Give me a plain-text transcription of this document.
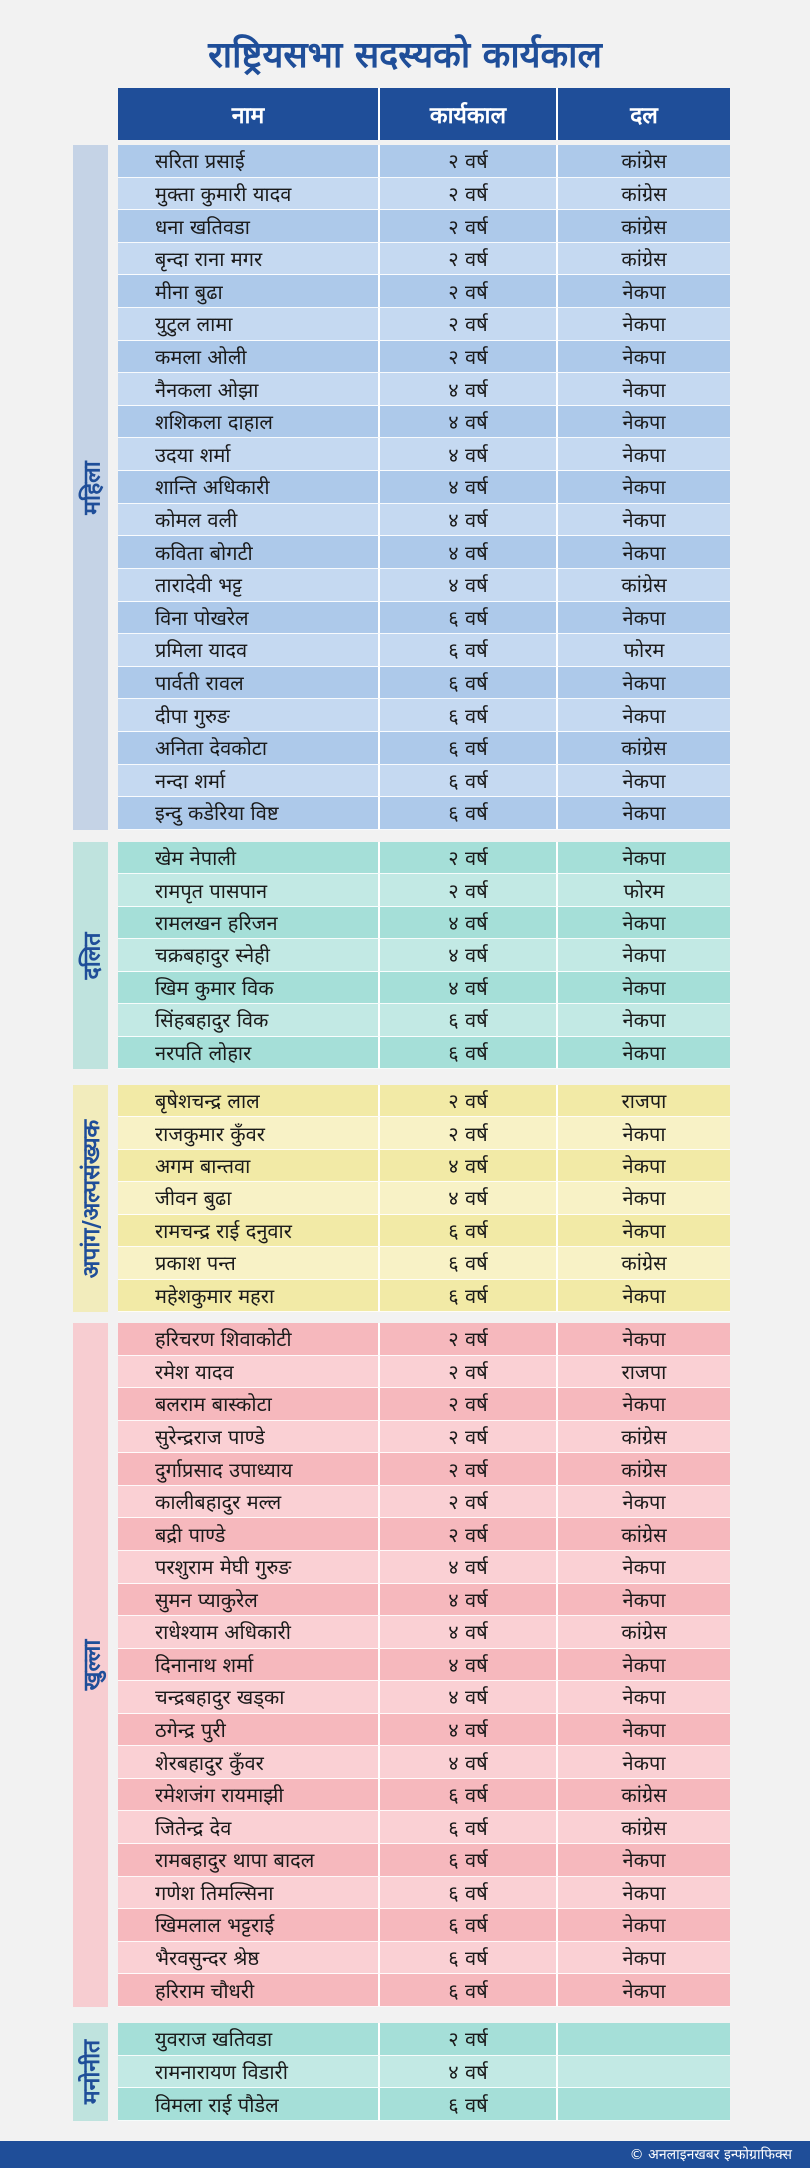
राष्ट्रियसभा सदस्यको कार्यकाल
नाम	कार्यकाल	दल
महिला
सरिता प्रसाई	२ वर्ष	कांग्रेस
मुक्ता कुमारी यादव	२ वर्ष	कांग्रेस
धना खतिवडा	२ वर्ष	कांग्रेस
बृन्दा राना मगर	२ वर्ष	कांग्रेस
मीना बुढा	२ वर्ष	नेकपा
युटुल लामा	२ वर्ष	नेकपा
कमला ओली	२ वर्ष	नेकपा
नैनकला ओझा	४ वर्ष	नेकपा
शशिकला दाहाल	४ वर्ष	नेकपा
उदया शर्मा	४ वर्ष	नेकपा
शान्ति अधिकारी	४ वर्ष	नेकपा
कोमल वली	४ वर्ष	नेकपा
कविता बोगटी	४ वर्ष	नेकपा
तारादेवी भट्ट	४ वर्ष	कांग्रेस
विना पोखरेल	६ वर्ष	नेकपा
प्रमिला यादव	६ वर्ष	फोरम
पार्वती रावल	६ वर्ष	नेकपा
दीपा गुरुङ	६ वर्ष	नेकपा
अनिता देवकोटा	६ वर्ष	कांग्रेस
नन्दा शर्मा	६ वर्ष	नेकपा
इन्दु कडेरिया विष्ट	६ वर्ष	नेकपा
दलित
खेम नेपाली	२ वर्ष	नेकपा
रामपृत पासपान	२ वर्ष	फोरम
रामलखन हरिजन	४ वर्ष	नेकपा
चक्रबहादुर स्नेही	४ वर्ष	नेकपा
खिम कुमार विक	४ वर्ष	नेकपा
सिंहबहादुर विक	६ वर्ष	नेकपा
नरपति लोहार	६ वर्ष	नेकपा
अपांग/अल्पसंख्यक
बृषेशचन्द्र लाल	२ वर्ष	राजपा
राजकुमार कुँवर	२ वर्ष	नेकपा
अगम बान्तवा	४ वर्ष	नेकपा
जीवन बुढा	४ वर्ष	नेकपा
रामचन्द्र राई दनुवार	६ वर्ष	नेकपा
प्रकाश पन्त	६ वर्ष	कांग्रेस
महेशकुमार महरा	६ वर्ष	नेकपा
खुल्ला
हरिचरण शिवाकोटी	२ वर्ष	नेकपा
रमेश यादव	२ वर्ष	राजपा
बलराम बास्कोटा	२ वर्ष	नेकपा
सुरेन्द्रराज पाण्डे	२ वर्ष	कांग्रेस
दुर्गाप्रसाद उपाध्याय	२ वर्ष	कांग्रेस
कालीबहादुर मल्ल	२ वर्ष	नेकपा
बद्री पाण्डे	२ वर्ष	कांग्रेस
परशुराम मेघी गुरुङ	४ वर्ष	नेकपा
सुमन प्याकुरेल	४ वर्ष	नेकपा
राधेश्याम अधिकारी	४ वर्ष	कांग्रेस
दिनानाथ शर्मा	४ वर्ष	नेकपा
चन्द्रबहादुर खड्का	४ वर्ष	नेकपा
ठगेन्द्र पुरी	४ वर्ष	नेकपा
शेरबहादुर कुँवर	४ वर्ष	नेकपा
रमेशजंग रायमाझी	६ वर्ष	कांग्रेस
जितेन्द्र देव	६ वर्ष	कांग्रेस
रामबहादुर थापा बादल	६ वर्ष	नेकपा
गणेश तिमल्सिना	६ वर्ष	नेकपा
खिमलाल भट्टराई	६ वर्ष	नेकपा
भैरवसुन्दर श्रेष्ठ	६ वर्ष	नेकपा
हरिराम चौधरी	६ वर्ष	नेकपा
मनोनीत
युवराज खतिवडा	२ वर्ष
रामनारायण विडारी	४ वर्ष
विमला राई पौडेल	६ वर्ष
© अनलाइनखबर इन्फोग्राफिक्स
